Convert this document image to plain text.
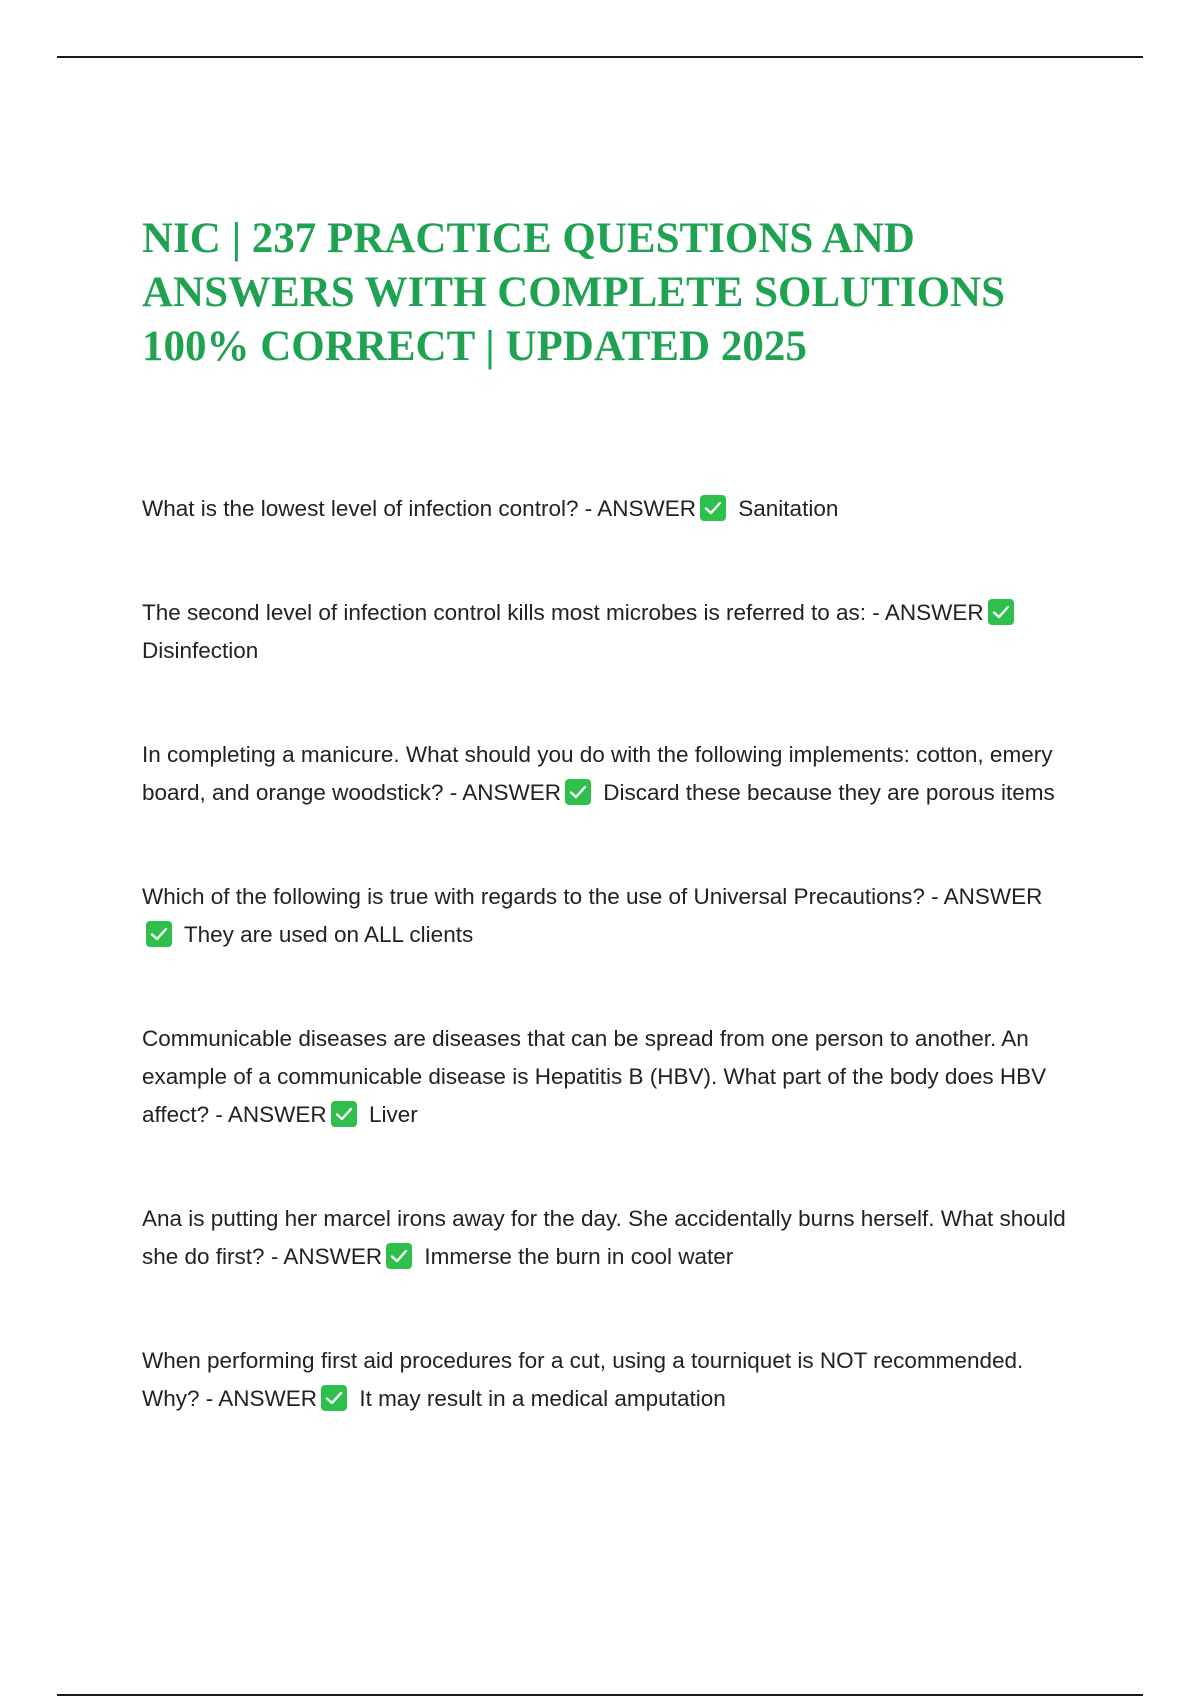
NIC | 237 PRACTICE QUESTIONS AND ANSWERS WITH COMPLETE SOLUTIONS 100% CORRECT | UPDATED 2025
What is the lowest level of infection control? - ANSWER Sanitation
The second level of infection control kills most microbes is referred to as: - ANSWER
Disinfection
In completing a manicure. What should you do with the following implements: cotton, emery board, and orange woodstick? - ANSWER Discard these because they are porous items
Which of the following is true with regards to the use of Universal Precautions? - ANSWER
They are used on ALL clients
Communicable diseases are diseases that can be spread from one person to another. An example of a communicable disease is Hepatitis B (HBV). What part of the body does HBV affect? - ANSWER Liver
Ana is putting her marcel irons away for the day. She accidentally burns herself. What should she do first? - ANSWER Immerse the burn in cool water
When performing first aid procedures for a cut, using a tourniquet is NOT recommended. Why? - ANSWER It may result in a medical amputation
